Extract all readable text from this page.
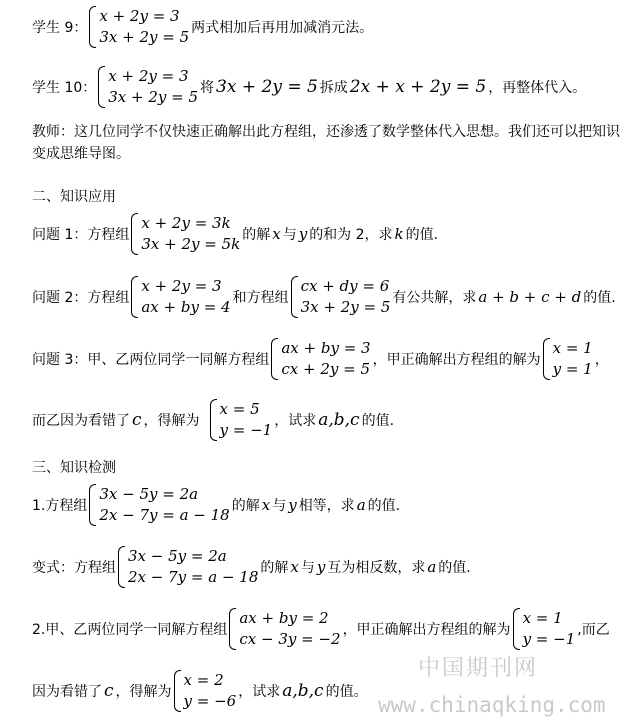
学生 9：
x + 2y = 3
3x + 2y = 5 两式相加后再用加减消元法。
学生 10：
x + 2y = 3
3x + 2y = 5 将 3x + 2y = 5 拆成 2x + x + 2y = 5 ，再整体代入。
教师：这几位同学不仅快速正确解出此方程组，还渗透了数学整体代入思想。我们还可以把知识变成思维导图。
二、知识应用
问题 1：方程组
x + 2y = 3k
3x + 2y = 5k 的解 x 与 y 的和为 2，求 k 的值.
问题 2：方程组
x + 2y = 3
ax + by = 4 和方程组
cx + dy = 6
3x + 2y = 5 有公共解，求 a + b + c + d 的值.
问题 3：甲、乙两位同学一同解方程组
ax + by = 3
cx + 2y = 5 ，甲正确解出方程组的解为
x = 1
y = 1 ，
而乙因为看错了 c ，得解为
x = 5
y = −1 ，试求 a,b,c 的值.
三、知识检测
1.方程组
3x − 5y = 2a
2x − 7y = a − 18 的解 x 与 y 相等，求 a 的值.
变式：方程组
3x − 5y = 2a
2x − 7y = a − 18 的解 x 与 y 互为相反数，求 a 的值.
2.甲、乙两位同学一同解方程组
ax + by = 2
cx − 3y = −2 ，甲正确解出方程组的解为
x = 1
y = −1 ,而乙
因为看错了 c ，得解为
x = 2
y = −6 ，试求 a,b,c 的值。
中国期刊网
www.chinaqking.com
